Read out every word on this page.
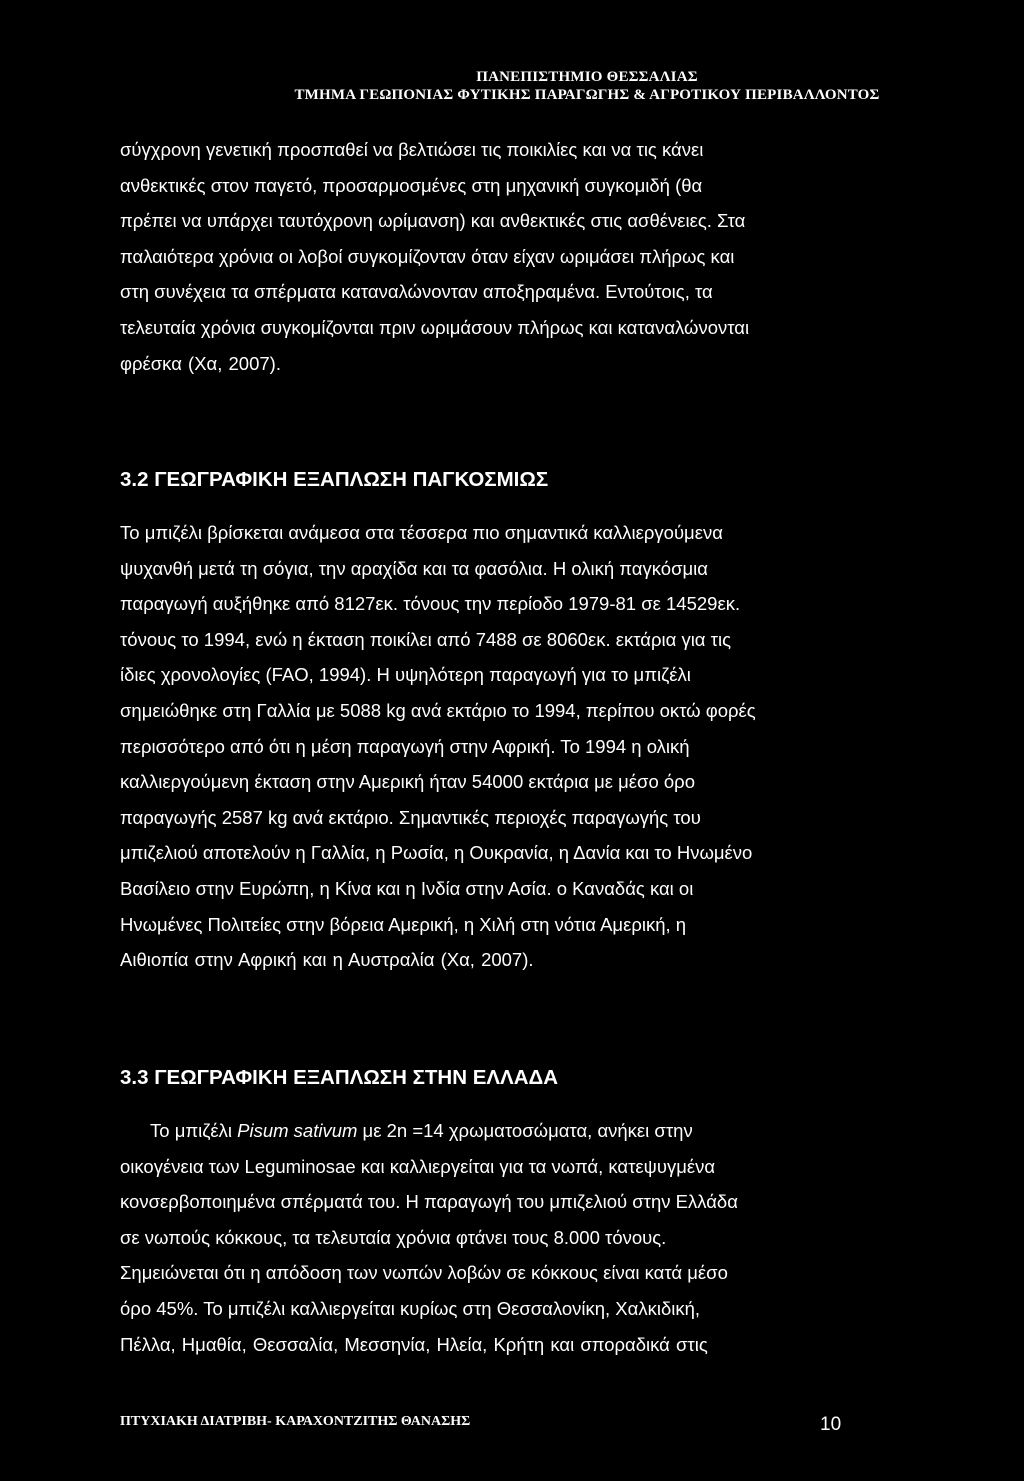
ΠΑΝΕΠΙΣΤΗΜΙΟ ΘΕΣΣΑΛΙΑΣ
ΤΜΗΜΑ ΓΕΩΠΟΝΙΑΣ ΦΥΤΙΚΗΣ ΠΑΡΑΓΩΓΗΣ & ΑΓΡΟΤΙΚΟΥ ΠΕΡΙΒΑΛΛΟΝΤΟΣ
σύγχρονη γενετική προσπαθεί να βελτιώσει τις ποικιλίες και να τις κάνει
ανθεκτικές στον παγετό, προσαρμοσμένες στη μηχανική συγκομιδή (θα
πρέπει να υπάρχει ταυτόχρονη ωρίμανση) και ανθεκτικές στις ασθένειες. Στα
παλαιότερα χρόνια οι λοβοί συγκομίζονταν όταν είχαν ωριμάσει πλήρως και
στη συνέχεια τα σπέρματα καταναλώνονταν αποξηραμένα. Εντούτοις, τα
τελευταία χρόνια συγκομίζονται πριν ωριμάσουν πλήρως και καταναλώνονται
φρέσκα (Χα, 2007).
3.2 ΓΕΩΓΡΑΦΙΚΗ ΕΞΑΠΛΩΣΗ ΠΑΓΚΟΣΜΙΩΣ
Το μπιζέλι βρίσκεται ανάμεσα στα τέσσερα πιο σημαντικά καλλιεργούμενα
ψυχανθή μετά τη σόγια, την αραχίδα και τα φασόλια. Η ολική παγκόσμια
παραγωγή αυξήθηκε από 8127εκ. τόνους την περίοδο 1979-81 σε 14529εκ.
τόνους το 1994, ενώ η έκταση ποικίλει από 7488 σε 8060εκ. εκτάρια για τις
ίδιες χρονολογίες (FAO, 1994). Η υψηλότερη παραγωγή για το μπιζέλι
σημειώθηκε στη Γαλλία με 5088 kg ανά εκτάριο το 1994, περίπου οκτώ φορές
περισσότερο από ότι η μέση παραγωγή στην Αφρική. Το 1994 η ολική
καλλιεργούμενη έκταση στην Αμερική ήταν 54000 εκτάρια με μέσο όρο
παραγωγής 2587 kg ανά εκτάριο. Σημαντικές περιοχές παραγωγής του
μπιζελιού αποτελούν η Γαλλία, η Ρωσία, η Ουκρανία, η Δανία και το Ηνωμένο
Βασίλειο στην Ευρώπη, η Κίνα και η Ινδία στην Ασία. ο Καναδάς και οι
Ηνωμένες Πολιτείες στην βόρεια Αμερική, η Χιλή στη νότια Αμερική, η
Αιθιοπία στην Αφρική και η Αυστραλία (Χα, 2007).
3.3 ΓΕΩΓΡΑΦΙΚΗ ΕΞΑΠΛΩΣΗ ΣΤΗΝ ΕΛΛΑΔΑ
Το μπιζέλι Pisum sativum με 2n =14 χρωματοσώματα, ανήκει στην
οικογένεια των Leguminosae και καλλιεργείται για τα νωπά, κατεψυγμένα
κονσερβοποιημένα σπέρματά του. Η παραγωγή του μπιζελιού στην Ελλάδα
σε νωπούς κόκκους, τα τελευταία χρόνια φτάνει τους 8.000 τόνους.
Σημειώνεται ότι η απόδοση των νωπών λοβών σε κόκκους είναι κατά μέσο
όρο 45%. Το μπιζέλι καλλιεργείται κυρίως στη Θεσσαλονίκη, Χαλκιδική,
Πέλλα, Ημαθία, Θεσσαλία, Μεσσηνία, Ηλεία, Κρήτη και σποραδικά στις
ΠΤΥΧΙΑΚΗ ΔΙΑΤΡΙΒΗ- ΚΑΡΑΧΟΝΤΖΙΤΗΣ ΘΑΝΑΣΗΣ	10
